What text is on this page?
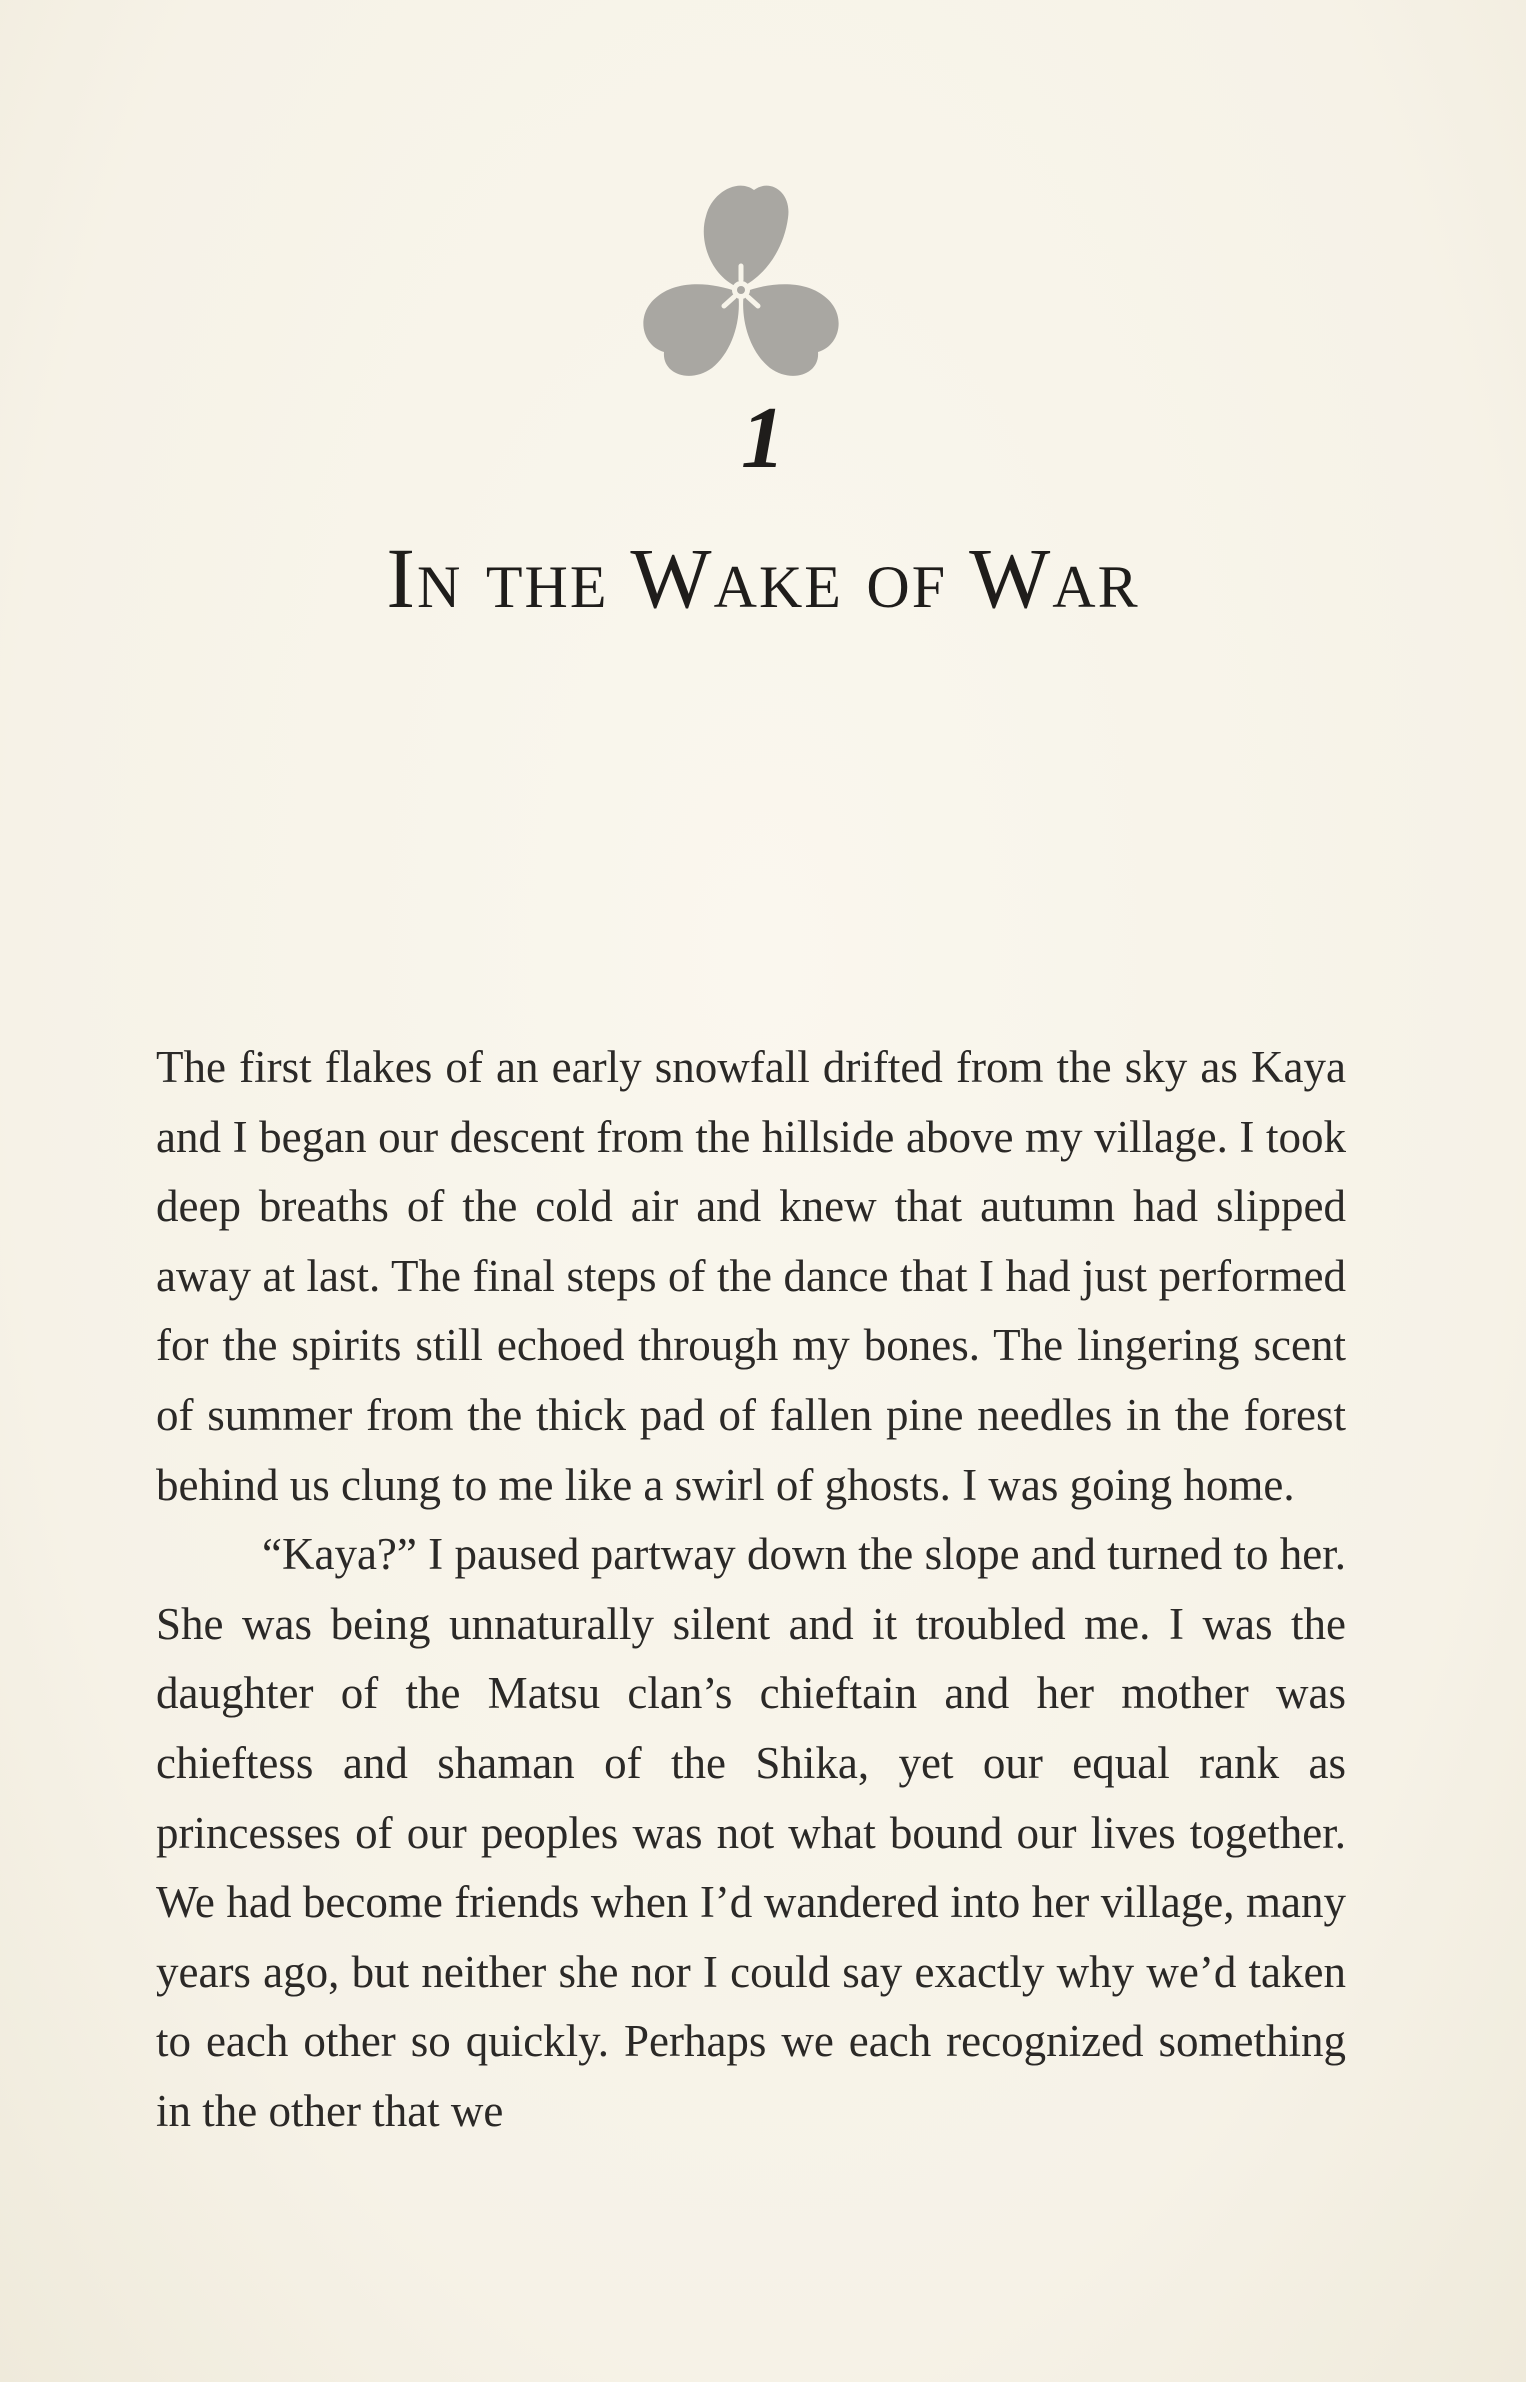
1
In the Wake of War

The first flakes of an early snowfall drifted from the sky as Kaya and I began our descent from the hillside above my village. I took deep breaths of the cold air and knew that autumn had slipped away at last. The final steps of the dance that I had just performed for the spirits still echoed through my bones. The lingering scent of summer from the thick pad of fallen pine needles in the forest behind us clung to me like a swirl of ghosts. I was going home.

“Kaya?” I paused partway down the slope and turned to her. She was being unnaturally silent and it troubled me. I was the daughter of the Matsu clan’s chieftain and her mother was chieftess and shaman of the Shika, yet our equal rank as princesses of our peoples was not what bound our lives together. We had become friends when I’d wandered into her village, many years ago, but neither she nor I could say exactly why we’d taken to each other so quickly. Perhaps we each recognized something in the other that we
